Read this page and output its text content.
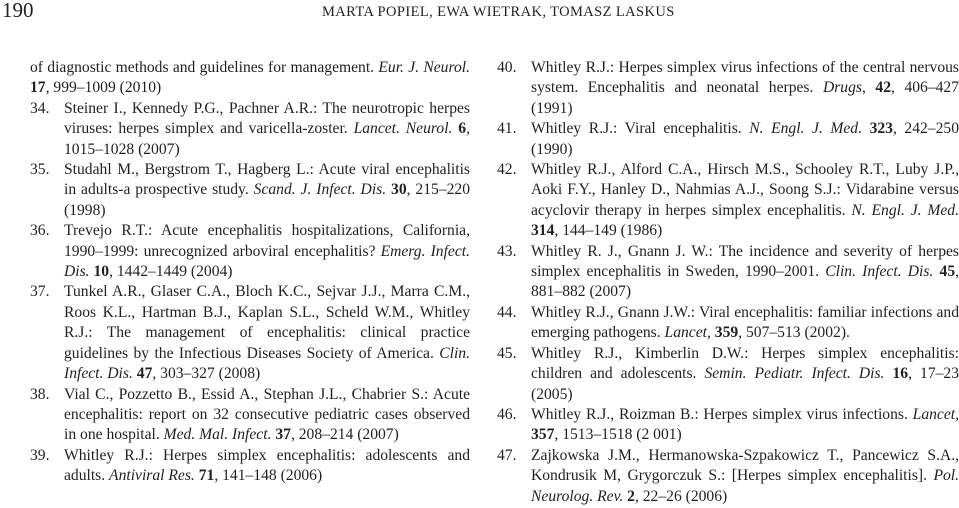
190	MARTA POPIEL, EWA WIETRAK, TOMASZ LASKUS
of diagnostic methods and guidelines for management. Eur. J. Neurol. 17, 999–1009 (2010)
34. Steiner I., Kennedy P.G., Pachner A.R.: The neurotropic herpes viruses: herpes simplex and varicella-zoster. Lancet. Neurol. 6, 1015–1028 (2007)
35. Studahl M., Bergstrom T., Hagberg L.: Acute viral encephalitis in adults-a prospective study. Scand. J. Infect. Dis. 30, 215–220 (1998)
36. Trevejo R.T.: Acute encephalitis hospitalizations, California, 1990–1999: unrecognized arboviral encephalitis? Emerg. Infect. Dis. 10, 1442–1449 (2004)
37. Tunkel A.R., Glaser C.A., Bloch K.C., Sejvar J.J., Marra C.M., Roos K.L., Hartman B.J., Kaplan S.L., Scheld W.M., Whitley R.J.: The management of encephalitis: clinical practice guidelines by the Infectious Diseases Society of America. Clin. Infect. Dis. 47, 303–327 (2008)
38. Vial C., Pozzetto B., Essid A., Stephan J.L., Chabrier S.: Acute encephalitis: report on 32 consecutive pediatric cases observed in one hospital. Med. Mal. Infect. 37, 208–214 (2007)
39. Whitley R.J.: Herpes simplex encephalitis: adolescents and adults. Antiviral Res. 71, 141–148 (2006)
40. Whitley R.J.: Herpes simplex virus infections of the central nervous system. Encephalitis and neonatal herpes. Drugs, 42, 406–427 (1991)
41. Whitley R.J.: Viral encephalitis. N. Engl. J. Med. 323, 242–250 (1990)
42. Whitley R.J., Alford C.A., Hirsch M.S., Schooley R.T., Luby J.P., Aoki F.Y., Hanley D., Nahmias A.J., Soong S.J.: Vidarabine versus acyclovir therapy in herpes simplex encephalitis. N. Engl. J. Med. 314, 144–149 (1986)
43. Whitley R. J., Gnann J. W.: The incidence and severity of herpes simplex encephalitis in Sweden, 1990–2001. Clin. Infect. Dis. 45, 881–882 (2007)
44. Whitley R.J., Gnann J.W.: Viral encephalitis: familiar infections and emerging pathogens. Lancet, 359, 507–513 (2002).
45. Whitley R.J., Kimberlin D.W.: Herpes simplex encephalitis: children and adolescents. Semin. Pediatr. Infect. Dis. 16, 17–23 (2005)
46. Whitley R.J., Roizman B.: Herpes simplex virus infections. Lancet, 357, 1513–1518 (2 001)
47. Zajkowska J.M., Hermanowska-Szpakowicz T., Pancewicz S.A., Kondrusik M, Grygorczuk S.: [Herpes simplex encephalitis]. Pol. Neurolog. Rev. 2, 22–26 (2006)
